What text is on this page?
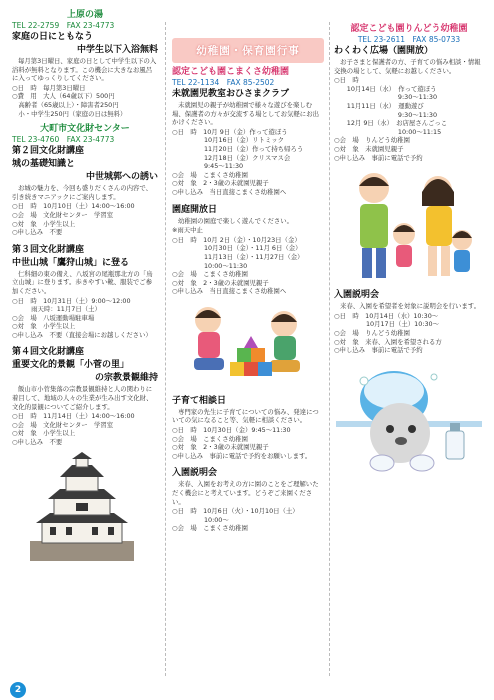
上原の湯

TEL 22-2759　FAX 23-4773

家庭の日にともなう
中学生以下入浴無料

毎月第3日曜日、家庭の日として中学生以下の入浴料が無料となります。この機会に大きなお風呂に入ってゆっくりしてください。

○日　時　毎月第3日曜日
○費　用　大人（64歳以下）500円
　高齢者（65歳以上）・障害者250円
　小・中学生250円（家庭の日は無料）

大町市文化財センター

TEL 23-4760　FAX 23-4773

第２回文化財講座
城の基礎知識と
中世城郭への誘い

お城の魅力を、今回も盛りだくさんの内容で、引き続きマニアックにご案内します。

○日　時　10月10日（土）14:00～16:00
○会　場　文化財センター　学習室
○対　象　小学生以上
○申し込み　不要
第３回文化財講座
中世山城「鷹狩山城」に登る

仁科細の東の備え、八坂宮の尾瓶那北方の「鳥立山城」に登ります。歩きやすい靴、服装でご参加ください。

○日　時　10月31日（土）9:00～12:00
　　　雨天時：11月7日（土）
○会　場　八坂運動場駐車場
○対　象　小学生以上
○申し込み　不要（直接会場にお越しください）
第４回文化財講座
重要文化的景観「小菅の里」
の宗教景観維持

飯山市小菅集落の宗教景観維持と人の関わりに着目して、地域の人々の生業が生み出す文化財、文化的景観についてご紹介します。

○日　時　11月14日（土）14:00～16:00
○会　場　文化財センター　学習室
○対　象　小学生以上
○申し込み　不要
幼稚園・保育園行事

認定こども園こまくさ幼稚園

TEL 22-1134　FAX 85-2502

未就園児教室おひさまクラブ

未就園児の親子が幼稚園で様々な遊びを楽しむ場、保護者の方々が交流する場としてお気軽にお出かけください。

○日　時　10月 9日（金）作って遊ぼう
　　　　　10月16日（金）リトミック
　　　　　11月20日（金）作って持ち帰ろう
　　　　　12月18日（金）クリスマス会
　　　　　9:45～11:30
○会　場　こまくさ幼稚園
○対　象　2・3歳の未就園児親子
○申し込み　当日直接こまくさ幼稚園へ
園庭開放日

幼稚園の園庭で楽しく遊んでください。

※雨天中止

○日　時　10月 2日（金）・10月23日（金）
　　　　　10月30日（金）・11月 6日（金）
　　　　　11月13日（金）・11月27日（金）
　　　　　10:00～11:30
○会　場　こまくさ幼稚園
○対　象　2・3歳の未就園児親子
○申し込み　当日直接こまくさ幼稚園へ
子育て相談日

専門家の先生に子育てについての悩み、発達についての気になること等、気軽に相談ください。

○日　時　10月30日（金）9:45～11:30
○会　場　こまくさ幼稚園
○対　象　2・3歳の未就園児親子
○申し込み　事前に電話で予約をお願いします。
入園説明会

来春、入園をお考えの方に園のことをご理解いただく機会にと考えています。どうぞご来園ください。

○日　時　10月6日（火）・10月10日（土）
　　　　　10:00～
○会　場　こまくさ幼稚園

認定こども園りんどう幼稚園

TEL 23-2611　FAX 85-0733

わくわく広場（園開放）

お子さまと保護者の方、子育ての悩み相談・情報交換の場として、気軽にお越しください。

○日　時
　　10月14日（水）　作って遊ぼう
　　　　　　　　　　9:30～11:30
　　11月11日（水）　運動遊び
　　　　　　　　　　9:30～11:30
　　12月 9日（水）　お店屋さんごっこ
　　　　　　　　　　10:00～11:15
○会　場　りんどう幼稚園
○対　象　未就園児親子
○申し込み　事前に電話で予約
入園説明会

来春、入園を希望者を対象に説明会を行います。

○日　時　10月14日（水）10:30～
　　　　　10月17日（土）10:30～
○会　場　りんどう幼稚園
○対　象　来春、入園を希望される方
○申し込み　事前に電話で予約
2
